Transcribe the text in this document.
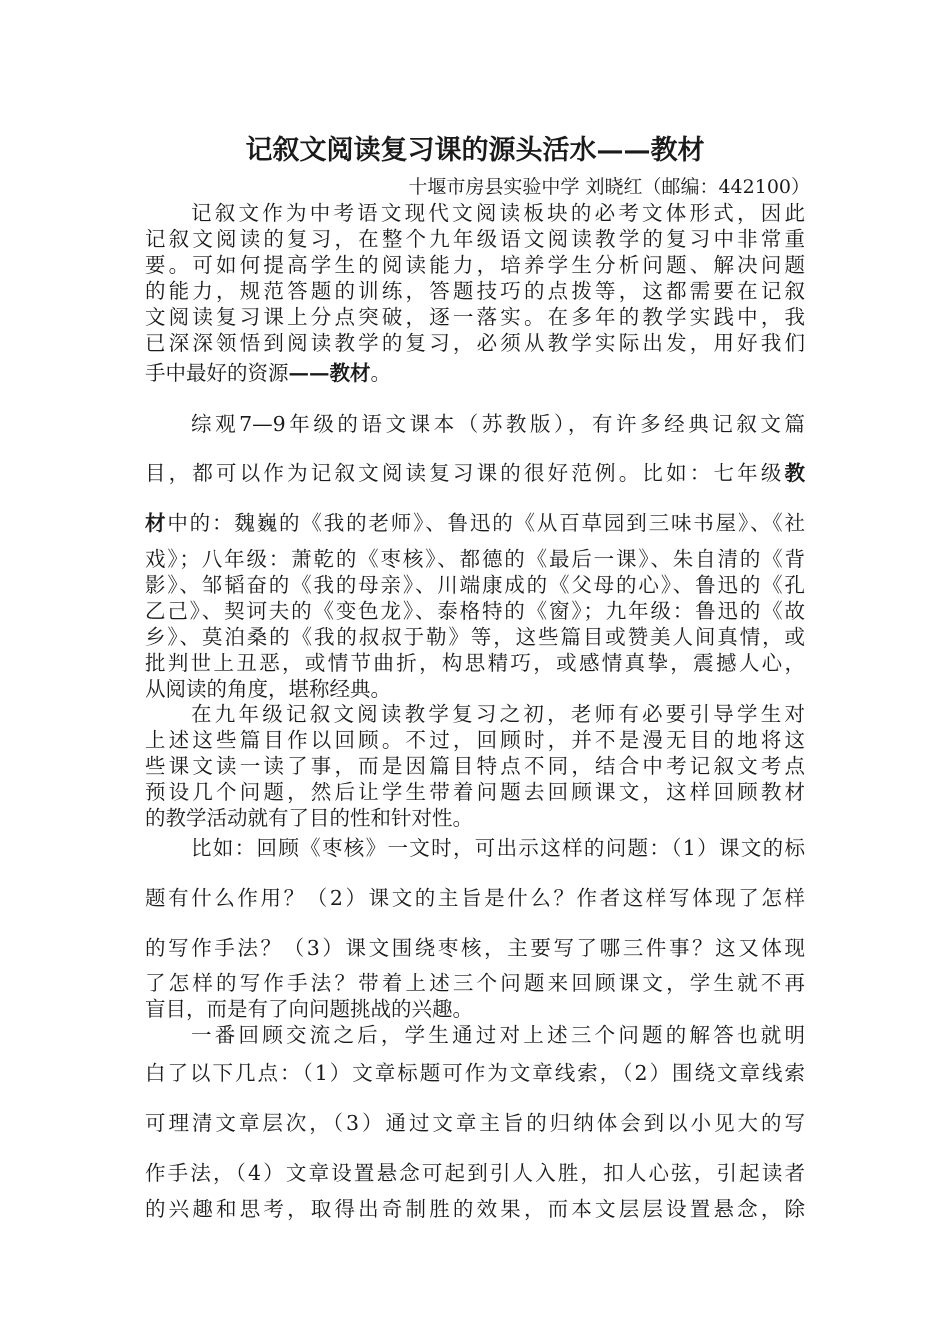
记叙文阅读复习课的源头活水——教材
十堰市房县实验中学 刘晓红（邮编：442100）
记叙文作为中考语文现代文阅读板块的必考文体形式，因此
记叙文阅读的复习，在整个九年级语文阅读教学的复习中非常重
要。可如何提高学生的阅读能力，培养学生分析问题、解决问题
的能力，规范答题的训练，答题技巧的点拨等，这都需要在记叙
文阅读复习课上分点突破，逐一落实。在多年的教学实践中，我
已深深领悟到阅读教学的复习，必须从教学实际出发，用好我们
手中最好的资源——教材。
综观7—9年级的语文课本（苏教版），有许多经典记叙文篇
目，都可以作为记叙文阅读复习课的很好范例。比如：七年级教
材中的：魏巍的《我的老师》、鲁迅的《从百草园到三味书屋》、《社
戏》；八年级：萧乾的《枣核》、都德的《最后一课》、朱自清的《背
影》、邹韬奋的《我的母亲》、川端康成的《父母的心》、鲁迅的《孔
乙己》、契诃夫的《变色龙》、泰格特的《窗》；九年级：鲁迅的《故
乡》、莫泊桑的《我的叔叔于勒》等，这些篇目或赞美人间真情，或
批判世上丑恶，或情节曲折，构思精巧，或感情真挚，震撼人心，
从阅读的角度，堪称经典。
在九年级记叙文阅读教学复习之初，老师有必要引导学生对
上述这些篇目作以回顾。不过，回顾时，并不是漫无目的地将这
些课文读一读了事，而是因篇目特点不同，结合中考记叙文考点
预设几个问题，然后让学生带着问题去回顾课文，这样回顾教材
的教学活动就有了目的性和针对性。
比如：回顾《枣核》一文时，可出示这样的问题：（1）课文的标
题有什么作用？（2）课文的主旨是什么？作者这样写体现了怎样
的写作手法？（3）课文围绕枣核，主要写了哪三件事？这又体现
了怎样的写作手法？带着上述三个问题来回顾课文，学生就不再
盲目，而是有了向问题挑战的兴趣。
一番回顾交流之后，学生通过对上述三个问题的解答也就明
白了以下几点：（1）文章标题可作为文章线索，（2）围绕文章线索
可理清文章层次，（3）通过文章主旨的归纳体会到以小见大的写
作手法，（4）文章设置悬念可起到引人入胜，扣人心弦，引起读者
的兴趣和思考，取得出奇制胜的效果，而本文层层设置悬念，除
